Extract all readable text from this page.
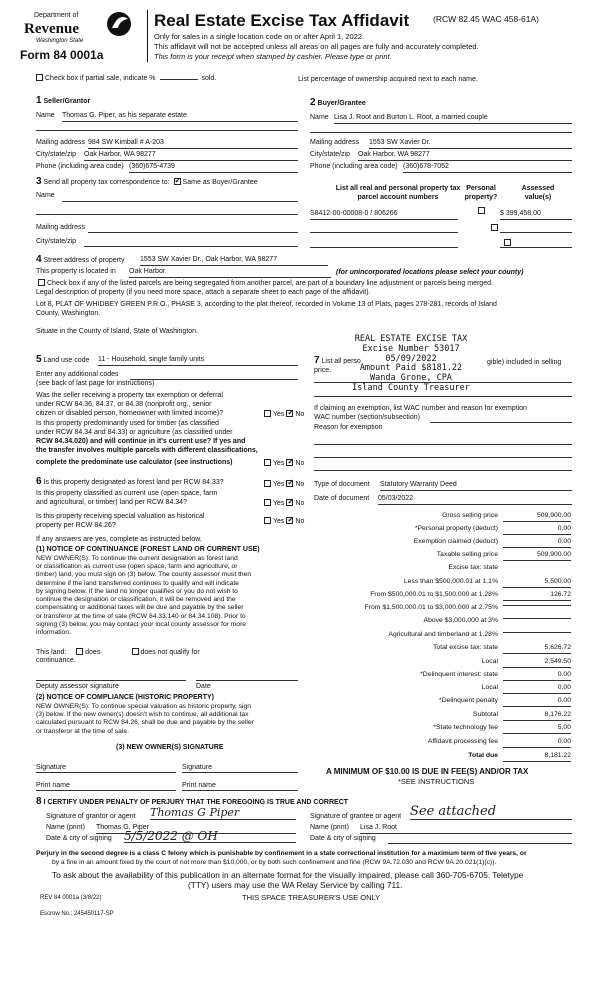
Department of
Revenue
Washington State
Form 84 0001a
Real Estate Excise Tax Affidavit	(RCW 82.45 WAC 458-61A)
Only for sales in a single location code on or after April 1, 2022.
This affidavit will not be accepted unless all areas on all pages are fully and accurately completed.
This form is your receipt when stamped by cashier. Please type or print.
Check box if partial sale, indicate %	sold.	List percentage of ownership acquired next to each name.
1 Seller/Grantor
Name Thomas G. Piper, as his separate estate
Mailing address 984 SW Kimball # A-203
City/state/zip Oak Harbor, WA 98277
Phone (including area code) (360)675-4739
2 Buyer/Grantee
Name Lisa J. Root and Burton L. Root, a married couple
Mailing address 1553 SW Xavier Dr.
City/state/zip Oak Harbor, WA 98277
Phone (including area code) (360)678-7052
3 Send all property tax correspondence to: ✓ Same as Buyer/Grantee
Name
Mailing address
City/state/zip
List all real and personal property tax
parcel account numbers
Personal
property?
Assessed
value(s)
S8412-00-00008-0 / 806266
	$ 399,458.00

4 Street address of property 1553 SW Xavier Dr., Oak Harbor, WA 98277
This property is located in Oak Harbor	(for unincorporated locations please select your county)
Check box if any of the listed parcels are being segregated from another parcel, are part of a boundary line adjustment or parcels being merged.
Legal description of property (if you need more space, attach a separate sheet to each page of the affidavit).
Lot 8, PLAT OF WHIDBEY GREEN P.R.O., PHASE 3, according to the plat thereof, recorded in Volume 13 of Plats, pages 278-281, records of Island
County, Washington.
Situate in the County of Island, State of Washington.
REAL ESTATE EXCISE TAX
Excise Number 53017
05/09/2022
Amount Paid $8181.22
Wanda Grone, CPA
Island County Treasurer
5 Land use code 11 - Household, single family units
Enter any additional codes
(see back of last page for instructions)
Was the seller receiving a property tax exemption or deferral
under RCW 84.36, 84.37, or 84.38 (nonprofit org., senior
citizen or disabled person, homeowner with limited income)?	Yes ✓ No
Is this property predominantly used for timber (as classified
under RCW 84.34 and 84.33) or agriculture (as classified under
RCW 84.34.020) and will continue in it's current use? If yes and
the transfer involves multiple parcels with different classifications,
complete the predominate use calculator (see instructions)	Yes ✓ No
7 List all perso	gible) included in selling
price.
If claiming an exemption, list WAC number and reason for exemption
WAC number (section/subsection)
Reason for exemption
6 Is this property designated as forest land per RCW 84.33?	Yes ✓ No
Is this property classified as current use (open space, farm
and agricultural, or timber) land per RCW 84.34?	Yes ✓ No
Is this property receiving special valuation as historical
property per RCW 84.26?
Yes ✓ No
If any answers are yes, complete as instructed below.
(1) NOTICE OF CONTINUANCE (FOREST LAND OR CURRENT USE)
NEW OWNER(S): To continue the current designation as forest land
or classification as current use (open space, farm and agriculture, or
timber) land, you must sign on (3) below. The county assessor must then
determine if the land transferred continues to qualify and will indicate
by signing below. If the land no longer qualifies or you do not wish to
continue the designation or classification, it will be removed and the
compensating or additional taxes will be due and payable by the seller
or transferor at the time of sale (RCW 84.33.140 or 84.34.108). Prior to
signing (3) below, you may contact your local county assessor for more
information.
This land:	does	does not qualify for
continuance.
Deputy assessor signature	Date
(2) NOTICE OF COMPLIANCE (HISTORIC PROPERTY)
NEW OWNER(S): To continue special valuation as historic property, sign
(3) below. If the new owner(s) doesn't wish to continue, all additional tax
calculated pursuant to RCW 84.26, shall be due and payable by the seller
or transferor at the time of sale.
(3) NEW OWNER(S) SIGNATURE
Signature	Signature
Print name	Print name
Type of document Statutory Warranty Deed
Date of document 05/03/2022
Gross selling price	509,900.00
*Personal property (deduct)	0.00
Exemption claimed (deduct)	0.00
Taxable selling price	509,900.00
Excise tax: state
Less than $500,000.01 at 1.1%	5,500.00
From $500,000.01 to $1,500,000 at 1.28%	126.72
From $1,500,000.01 to $3,000,000 at 2.75%
Above $3,000,000 at 3%
Agricultural and timberland at 1.28%
Total excise tax: state	5,626.72
Local	2,549.50
*Delinquent interest: state	0.00
Local	0.00
*Delinquent penalty	0.00
Subtotal	8,176.22
*State technology fee	5.00
Affidavit processing fee	0.00
Total due	8,181.22
A MINIMUM OF $10.00 IS DUE IN FEE(S) AND/OR TAX
*SEE INSTRUCTIONS
8 I CERTIFY UNDER PENALTY OF PERJURY THAT THE FOREGOING IS TRUE AND CORRECT
Signature of grantor or agent Thomas G Piper
Name (print) Thomas G. Piper
Date & city of signing 5/5/2022 @ OH
Signature of grantee or agent See attached
Name (print) Lisa J. Root
Date & city of signing
Perjury in the second degree is a class C felony which is punishable by confinement in a state correctional institution for a maximum term of five years, or
by a fine in an amount fixed by the court of not more than $10,000, or by both such confinement and fine (RCW 9A.72.030 and RCW 9A.20.021(1)(c)).
To ask about the availability of this publication in an alternate format for the visually impaired, please call 360-705-6705. Teletype
(TTY) users may use the WA Relay Service by calling 711.
REV 84 0001a (3/8/22)	THIS SPACE TREASURER'S USE ONLY
Escrow No.: 245450117-SP
